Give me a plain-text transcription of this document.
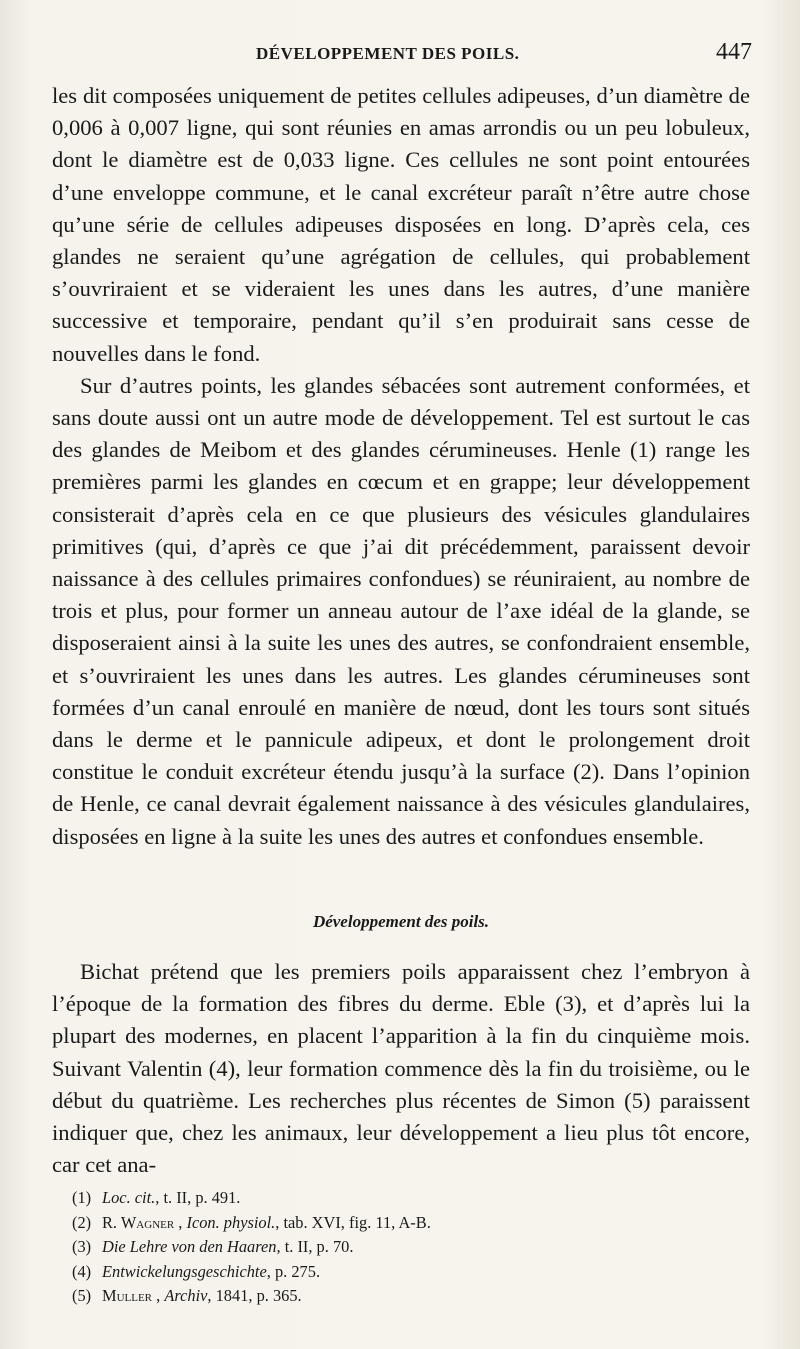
DÉVELOPPEMENT DES POILS.	447

les dit composées uniquement de petites cellules adipeuses, d’un diamètre de 0,006 à 0,007 ligne, qui sont réunies en amas arrondis ou un peu lobuleux, dont le diamètre est de 0,033 ligne. Ces cellules ne sont point entourées d’une enveloppe commune, et le canal excréteur paraît n’être autre chose qu’une série de cellules adipeuses disposées en long. D’après cela, ces glandes ne seraient qu’une agrégation de cellules, qui probablement s’ouvriraient et se videraient les unes dans les autres, d’une manière successive et temporaire, pendant qu’il s’en produirait sans cesse de nouvelles dans le fond.

Sur d’autres points, les glandes sébacées sont autrement conformées, et sans doute aussi ont un autre mode de développement. Tel est surtout le cas des glandes de Meibom et des glandes cérumineuses. Henle (1) range les premières parmi les glandes en cœcum et en grappe; leur développement consisterait d’après cela en ce que plusieurs des vésicules glandulaires primitives (qui, d’après ce que j’ai dit précédemment, paraissent devoir naissance à des cellules primaires confondues) se réuniraient, au nombre de trois et plus, pour former un anneau autour de l’axe idéal de la glande, se disposeraient ainsi à la suite les unes des autres, se confondraient ensemble, et s’ouvriraient les unes dans les autres. Les glandes cérumineuses sont formées d’un canal enroulé en manière de nœud, dont les tours sont situés dans le derme et le pannicule adipeux, et dont le prolongement droit constitue le conduit excréteur étendu jusqu’à la surface (2). Dans l’opinion de Henle, ce canal devrait également naissance à des vésicules glandulaires, disposées en ligne à la suite les unes des autres et confondues ensemble.

Développement des poils.

Bichat prétend que les premiers poils apparaissent chez l’embryon à l’époque de la formation des fibres du derme. Eble (3), et d’après lui la plupart des modernes, en placent l’apparition à la fin du cinquième mois. Suivant Valentin (4), leur formation commence dès la fin du troisième, ou le début du quatrième. Les recherches plus récentes de Simon (5) paraissent indiquer que, chez les animaux, leur développement a lieu plus tôt encore, car cet ana-

(1) Loc. cit., t. II, p. 491.

(2) R. Wagner , Icon. physiol., tab. XVI, fig. 11, A-B.

(3) Die Lehre von den Haaren, t. II, p. 70.

(4) Entwickelungsgeschichte, p. 275.

(5) Muller , Archiv, 1841, p. 365.
